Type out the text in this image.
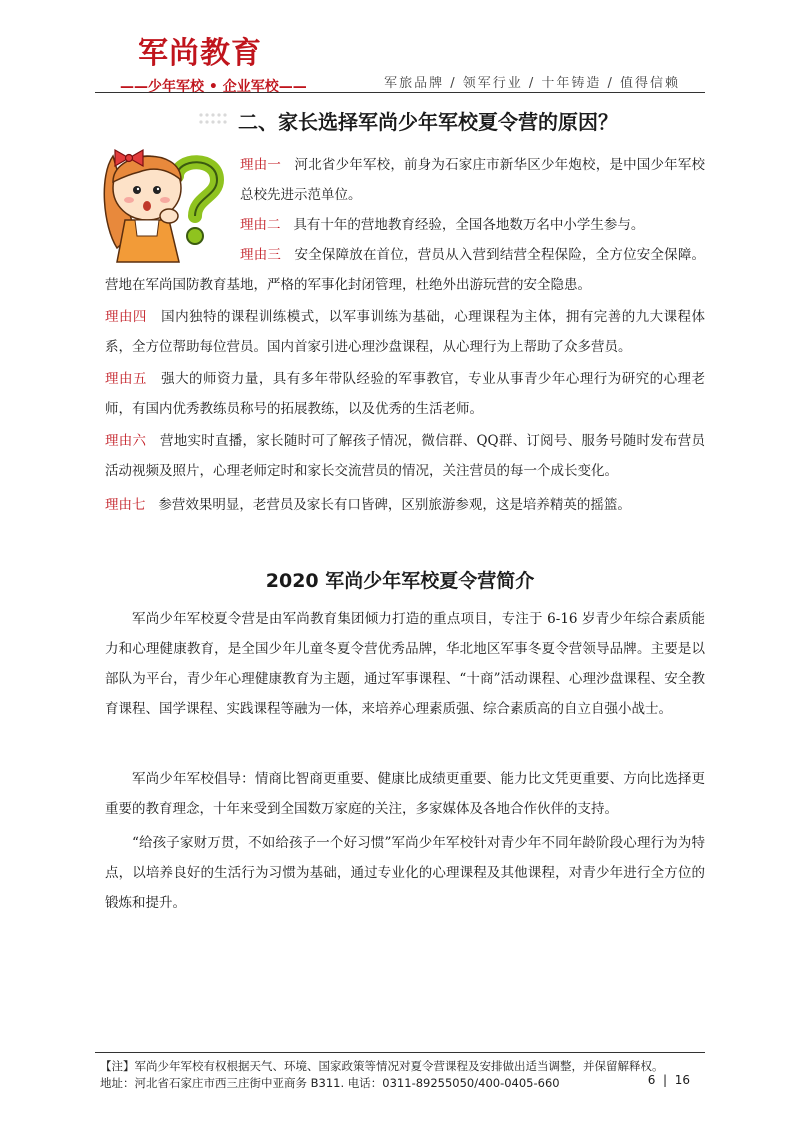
军尚教育
——少年军校 • 企业军校——	军旅品牌 / 领军行业 / 十年铸造 / 值得信赖
二、家长选择军尚少年军校夏令营的原因？
理由一 河北省少年军校，前身为石家庄市新华区少年炮校，是中国少年军校总校先进示范单位。
理由二 具有十年的营地教育经验，全国各地数万名中小学生参与。
理由三 安全保障放在首位，营员从入营到结营全程保险，全方位安全保障。营地在军尚国防教育基地，严格的军事化封闭管理，杜绝外出游玩营的安全隐患。
理由四 国内独特的课程训练模式，以军事训练为基础，心理课程为主体，拥有完善的九大课程体系，全方位帮助每位营员。国内首家引进心理沙盘课程，从心理行为上帮助了众多营员。
理由五 强大的师资力量，具有多年带队经验的军事教官，专业从事青少年心理行为研究的心理老师，有国内优秀教练员称号的拓展教练，以及优秀的生活老师。
理由六 营地实时直播，家长随时可了解孩子情况，微信群、QQ群、订阅号、服务号随时发布营员活动视频及照片，心理老师定时和家长交流营员的情况，关注营员的每一个成长变化。
理由七 参营效果明显，老营员及家长有口皆碑，区别旅游参观，这是培养精英的摇篮。
2020 军尚少年军校夏令营简介
军尚少年军校夏令营是由军尚教育集团倾力打造的重点项目，专注于 6-16 岁青少年综合素质能力和心理健康教育，是全国少年儿童冬夏令营优秀品牌，华北地区军事冬夏令营领导品牌。主要是以部队为平台，青少年心理健康教育为主题，通过军事课程、“十商”活动课程、心理沙盘课程、安全教育课程、国学课程、实践课程等融为一体，来培养心理素质强、综合素质高的自立自强小战士。
军尚少年军校倡导：情商比智商更重要、健康比成绩更重要、能力比文凭更重要、方向比选择更重要的教育理念，十年来受到全国数万家庭的关注，多家媒体及各地合作伙伴的支持。
“给孩子家财万贯，不如给孩子一个好习惯”军尚少年军校针对青少年不同年龄阶段心理行为为特点，以培养良好的生活行为习惯为基础，通过专业化的心理课程及其他课程，对青少年进行全方位的锻炼和提升。
【注】军尚少年军校有权根据天气、环境、国家政策等情况对夏令营课程及安排做出适当调整，并保留解释权。
地址：河北省石家庄市西三庄街中亚商务 B311. 电话：0311-89255050/400-0405-660	6 | 16
